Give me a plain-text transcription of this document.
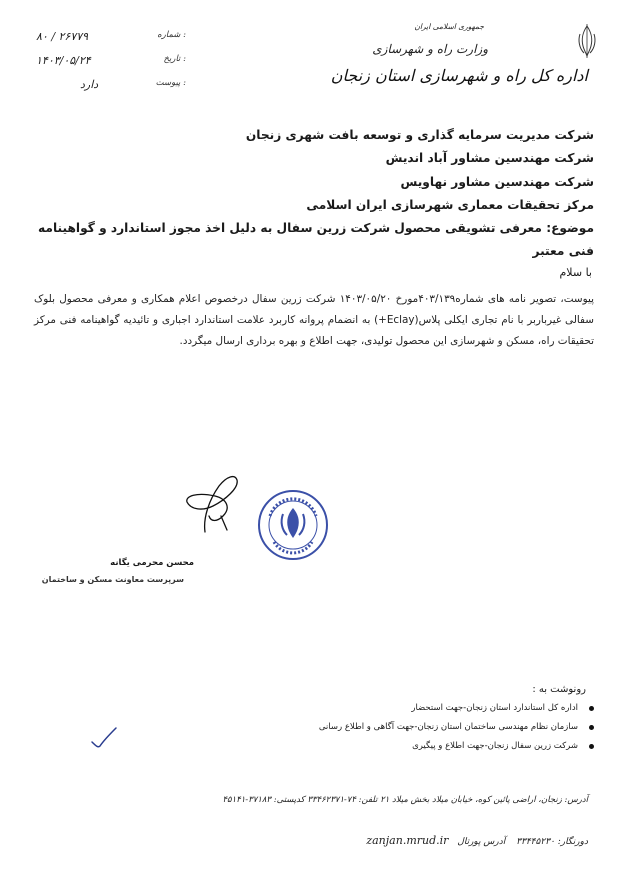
۸۰ / ۲۶۷۷۹	شماره :
۱۴۰۳/۰۵/۲۴	تاریخ :
دارد	پیوست :
جمهوری اسلامی ایران
وزارت راه و شهرسازی
اداره کل راه و شهرسازی استان زنجان
شرکت مدیریت سرمایه گذاری و توسعه بافت شهری زنجان
شرکت مهندسین مشاور آباد اندیش
شرکت مهندسین مشاور نهاویس
مرکز تحقیقات معماری شهرسازی ایران اسلامی
موضوع: معرفی تشویقی محصول شرکت زرین سفال به دلیل اخذ مجوز استاندارد و گواهینامه فنی معتبر
با سلام
پیوست، تصویر نامه های شماره۴۰۳/۱۳۹مورخ ۱۴۰۳/۰۵/۲۰ شرکت زرین سفال درخصوص اعلام همکاری و معرفی محصول بلوک سفالی غیرباربر با نام تجاری ایکلی پلاس(Eclay+) به انضمام پروانه کاربرد علامت استاندارد اجباری و تائیدیه گواهینامه فنی مرکز تحقیقات راه، مسکن و شهرسازی این محصول تولیدی، جهت اطلاع و بهره برداری ارسال میگردد.
محسن محرمی یگانه
سرپرست معاونت مسکن و ساختمان
رونوشت به :
اداره کل استاندارد استان زنجان-جهت استحضار
سازمان نظام مهندسی ساختمان استان زنجان-جهت آگاهی و اطلاع رسانی
شرکت زرین سفال زنجان-جهت اطلاع و پیگیری
آدرس: زنجان، اراضی پائین کوه، خیابان میلاد بخش میلاد ۲۱ تلفن: ۷۴-۳۳۴۶۲۳۷۱ کدپستی: ۳۷۱۸۳-۴۵۱۴۱
دورنگار: ۳۳۴۴۵۲۳۰ آدرس پورتال zanjan.mrud.ir
